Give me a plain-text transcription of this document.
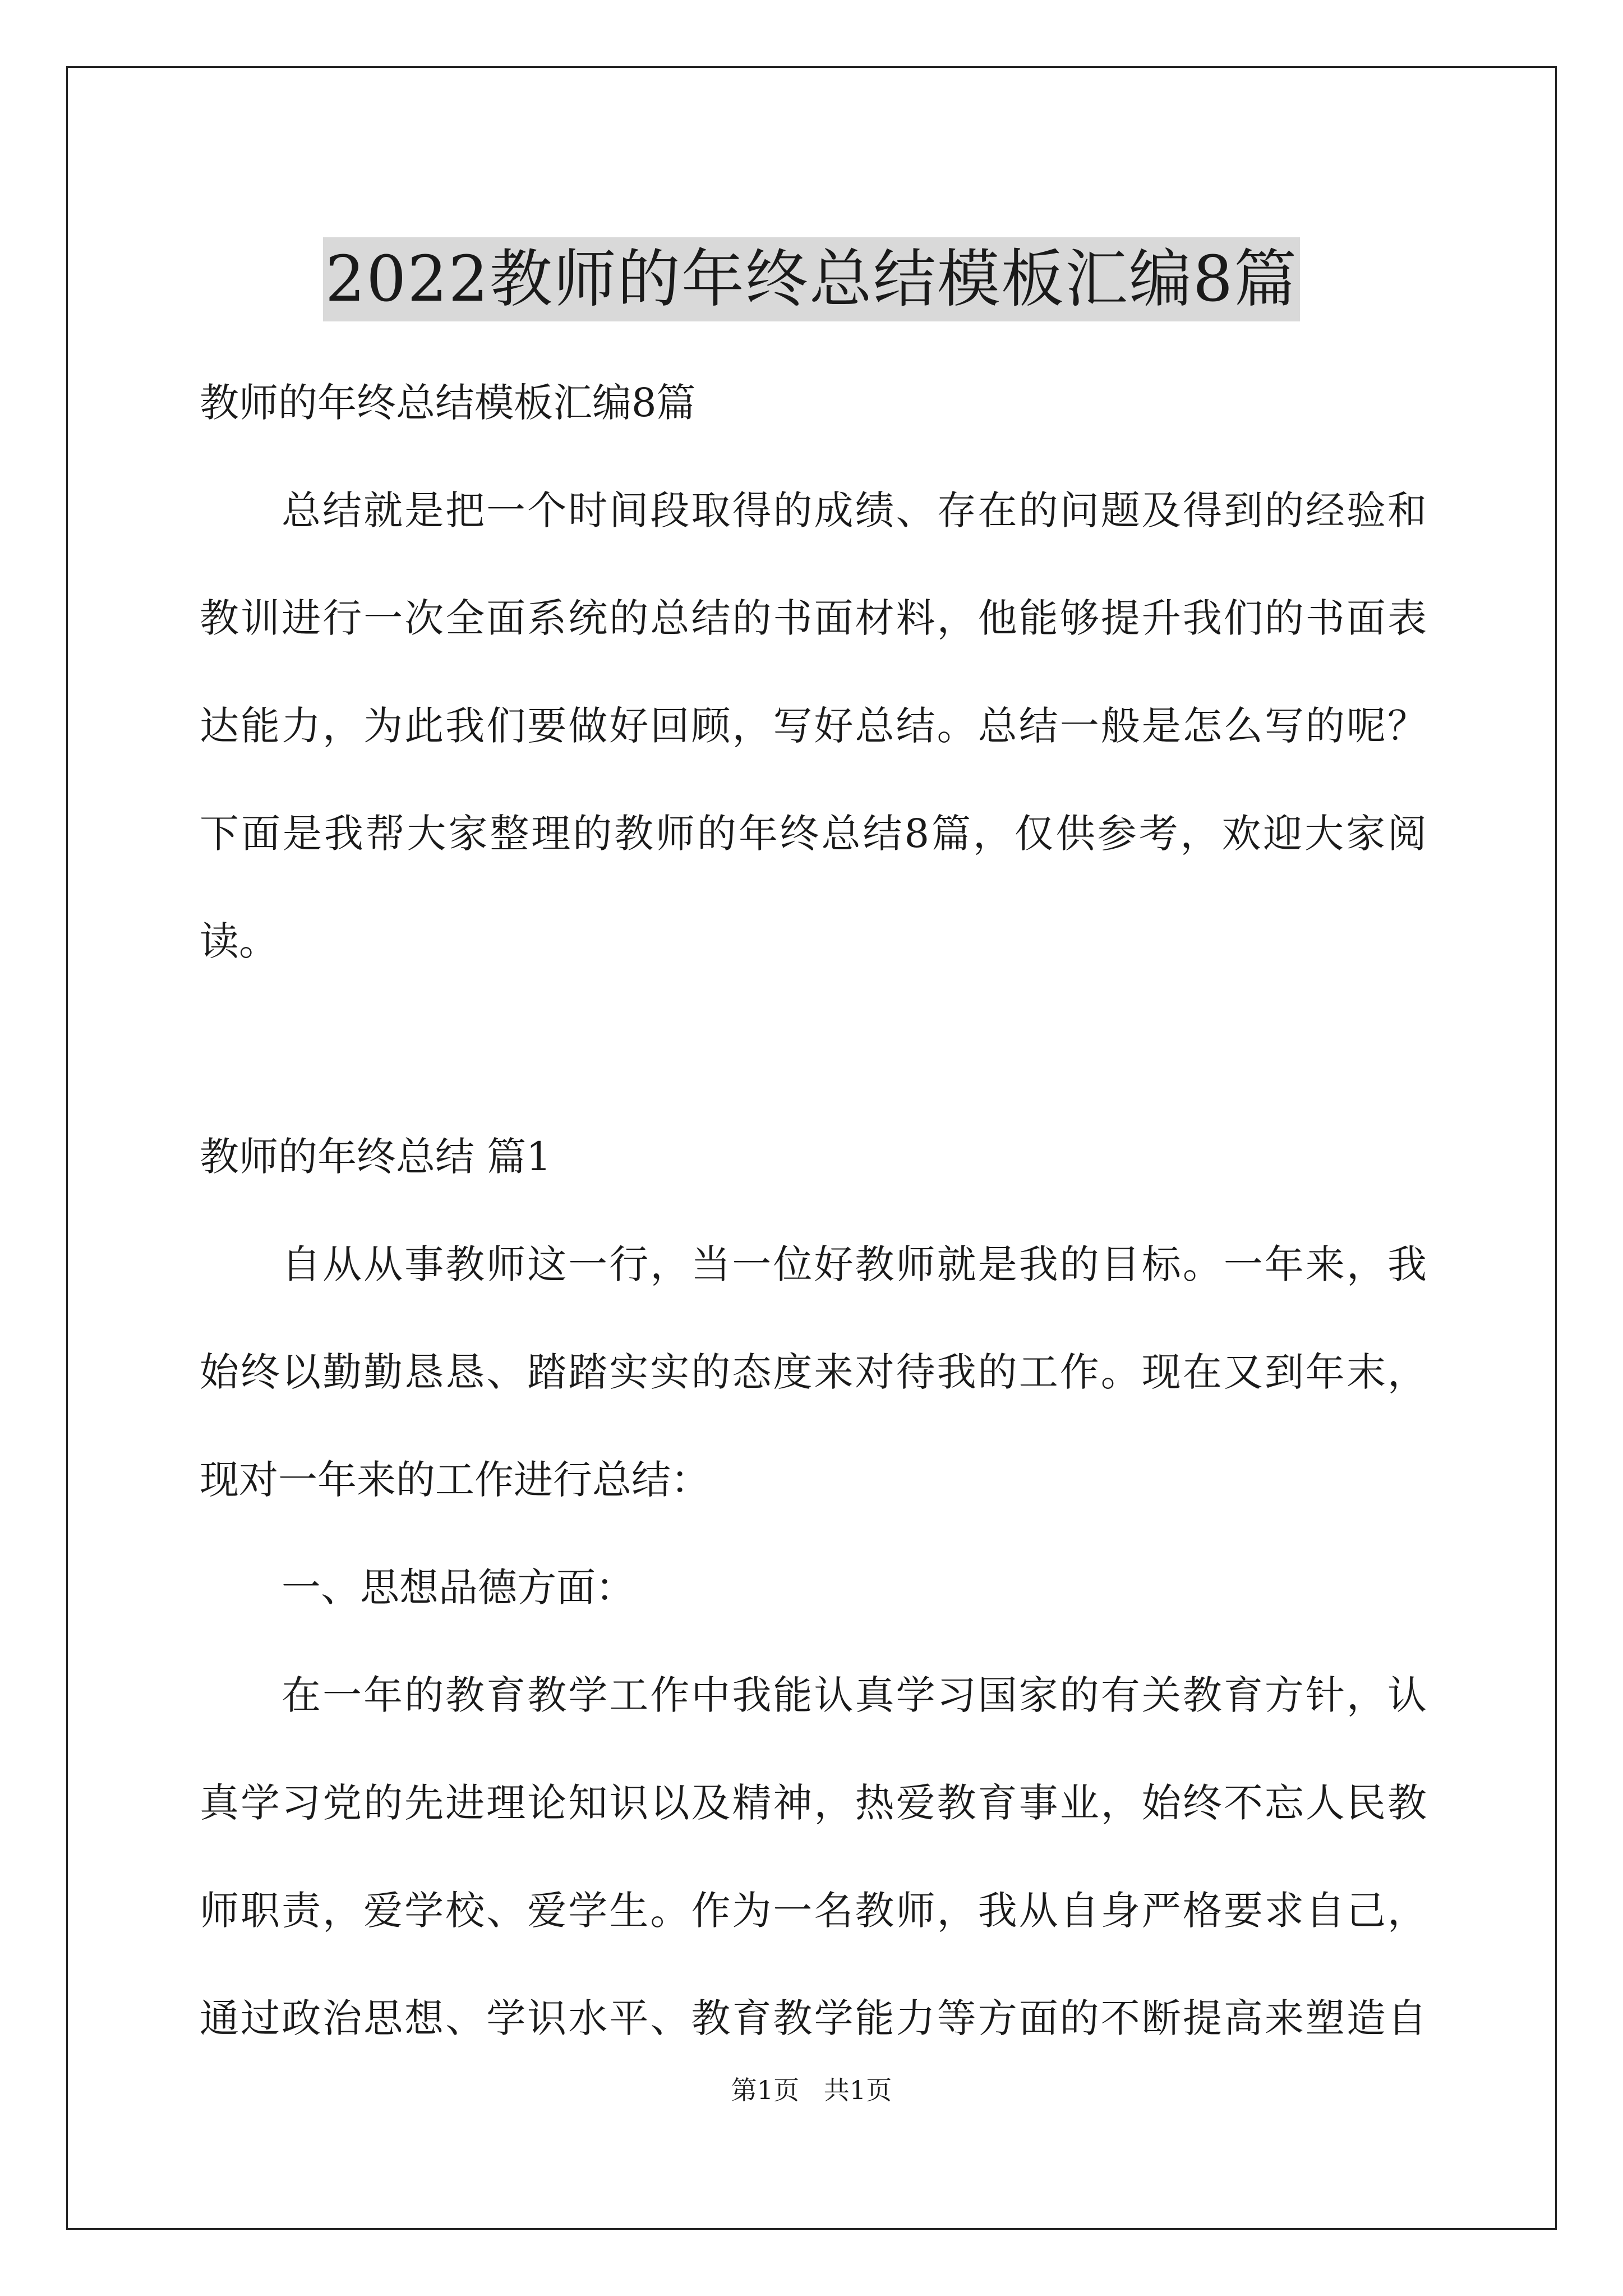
2022教师的年终总结模板汇编8篇
教师的年终总结模板汇编8篇
总结就是把一个时间段取得的成绩、存在的问题及得到的经验和
教训进行一次全面系统的总结的书面材料，他能够提升我们的书面表
达能力，为此我们要做好回顾，写好总结。总结一般是怎么写的呢？
下面是我帮大家整理的教师的年终总结8篇，仅供参考，欢迎大家阅
读。
教师的年终总结 篇1
自从从事教师这一行，当一位好教师就是我的目标。一年来，我
始终以勤勤恳恳、踏踏实实的态度来对待我的工作。现在又到年末，
现对一年来的工作进行总结：
一、思想品德方面：
在一年的教育教学工作中我能认真学习国家的有关教育方针，认
真学习党的先进理论知识以及精神，热爱教育事业，始终不忘人民教
师职责，爱学校、爱学生。作为一名教师，我从自身严格要求自己，
通过政治思想、学识水平、教育教学能力等方面的不断提高来塑造自
第1页   共1页
